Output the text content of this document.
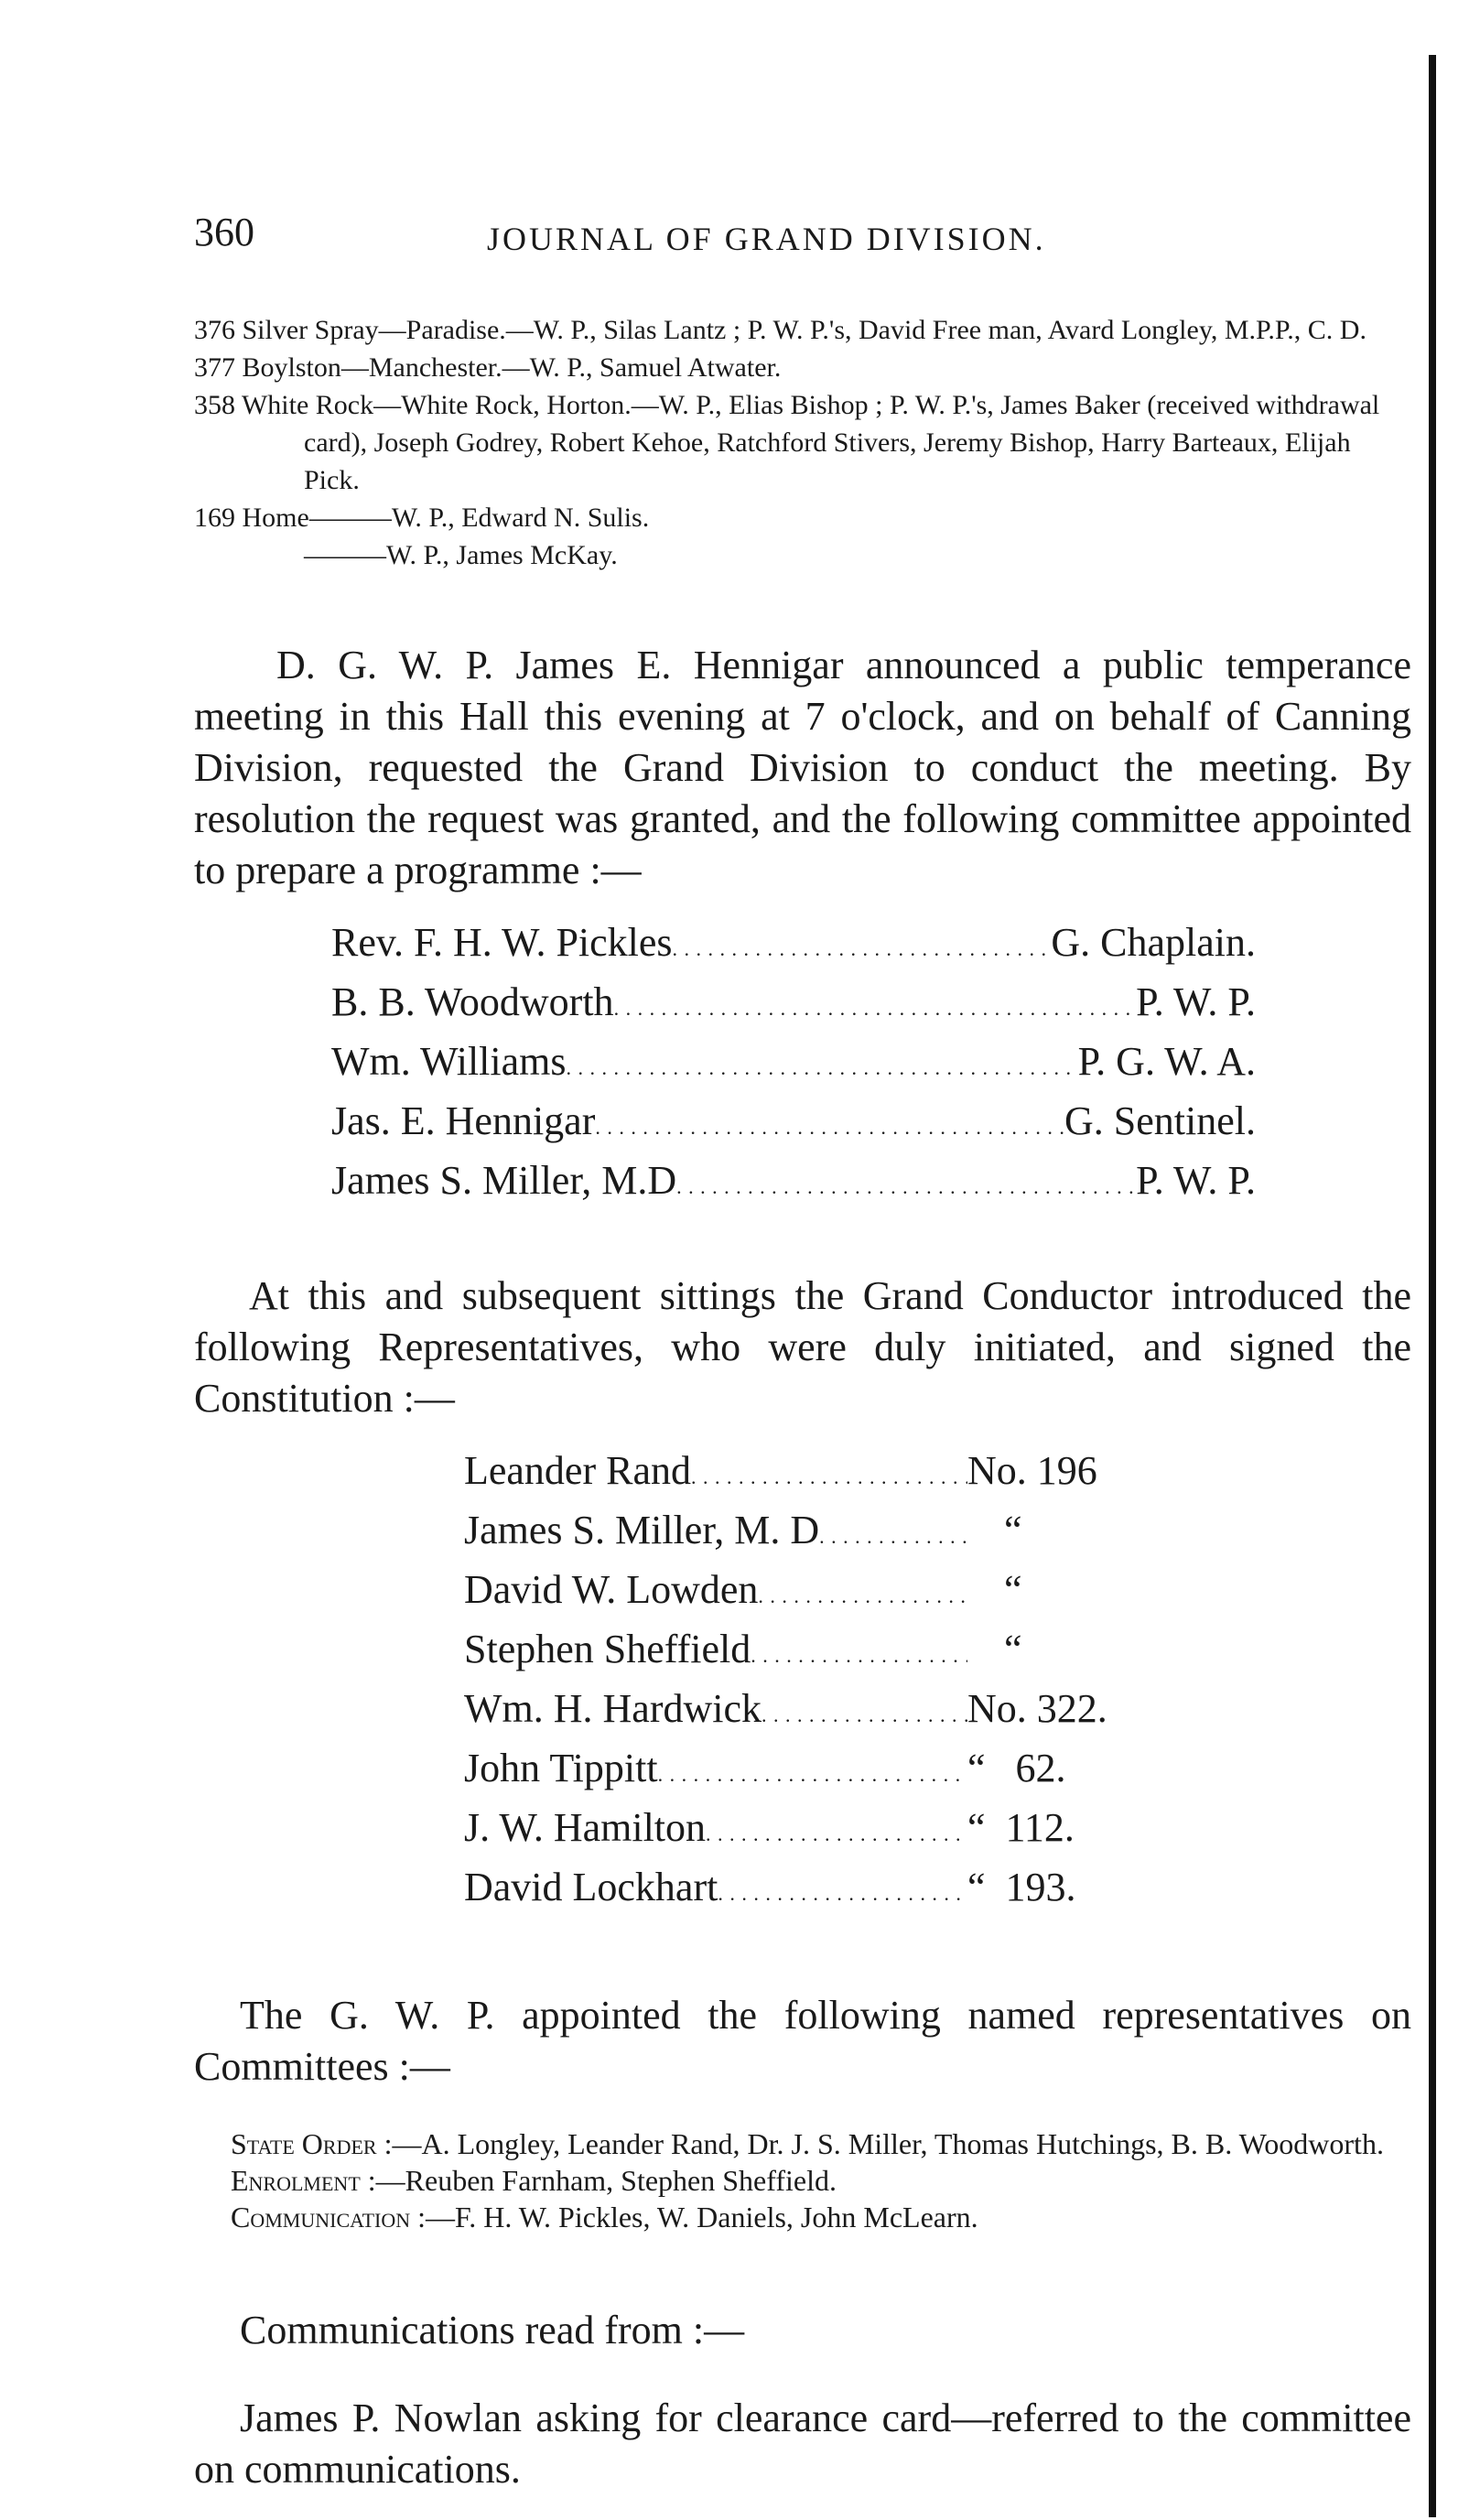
360	JOURNAL OF GRAND DIVISION.
376 Silver Spray—Paradise.—W. P., Silas Lantz ; P. W. P.'s, David Free man, Avard Longley, M.P.P., C. D.
377 Boylston—Manchester.—W. P., Samuel Atwater.
358 White Rock—White Rock, Horton.—W. P., Elias Bishop ; P. W. P.'s, James Baker (received withdrawal card), Joseph Godrey, Robert Kehoe, Ratchford Stivers, Jeremy Bishop, Harry Barteaux, Elijah Pick.
169 Home———W. P., Edward N. Sulis.
———W. P., James McKay.

D. G. W. P. James E. Hennigar announced a public temperance meeting in this Hall this evening at 7 o'clock, and on behalf of Canning Division, requested the Grand Division to conduct the meeting. By resolution the request was granted, and the following committee appointed to prepare a programme :—

Rev. F. H. W. Pickles . . .	G. Chaplain.
B. B. Woodworth . . .	P. W. P.
Wm. Williams . . .	P. G. W. A.
Jas. E. Hennigar . . .	G. Sentinel.
James S. Miller, M.D . . .	P. W. P.

At this and subsequent sittings the Grand Conductor introduced the following Representatives, who were duly initiated, and signed the Constitution :—

Leander Rand . . .	No. 196
James S. Miller, M. D . . .	“
David W. Lowden . . .	“
Stephen Sheffield . . .	“
Wm. H. Hardwick . . .	No. 322.
John Tippitt . . .	“   62.
J. W. Hamilton . . .	“  112.
David Lockhart . . .	“  193.

The G. W. P. appointed the following named representatives on Committees :—

State Order :—A. Longley, Leander Rand, Dr. J. S. Miller, Thomas Hutchings, B. B. Woodworth.
Enrolment :—Reuben Farnham, Stephen Sheffield.
Communication :—F. H. W. Pickles, W. Daniels, John McLearn.

Communications read from :—

James P. Nowlan asking for clearance card—referred to the committee on communications.
